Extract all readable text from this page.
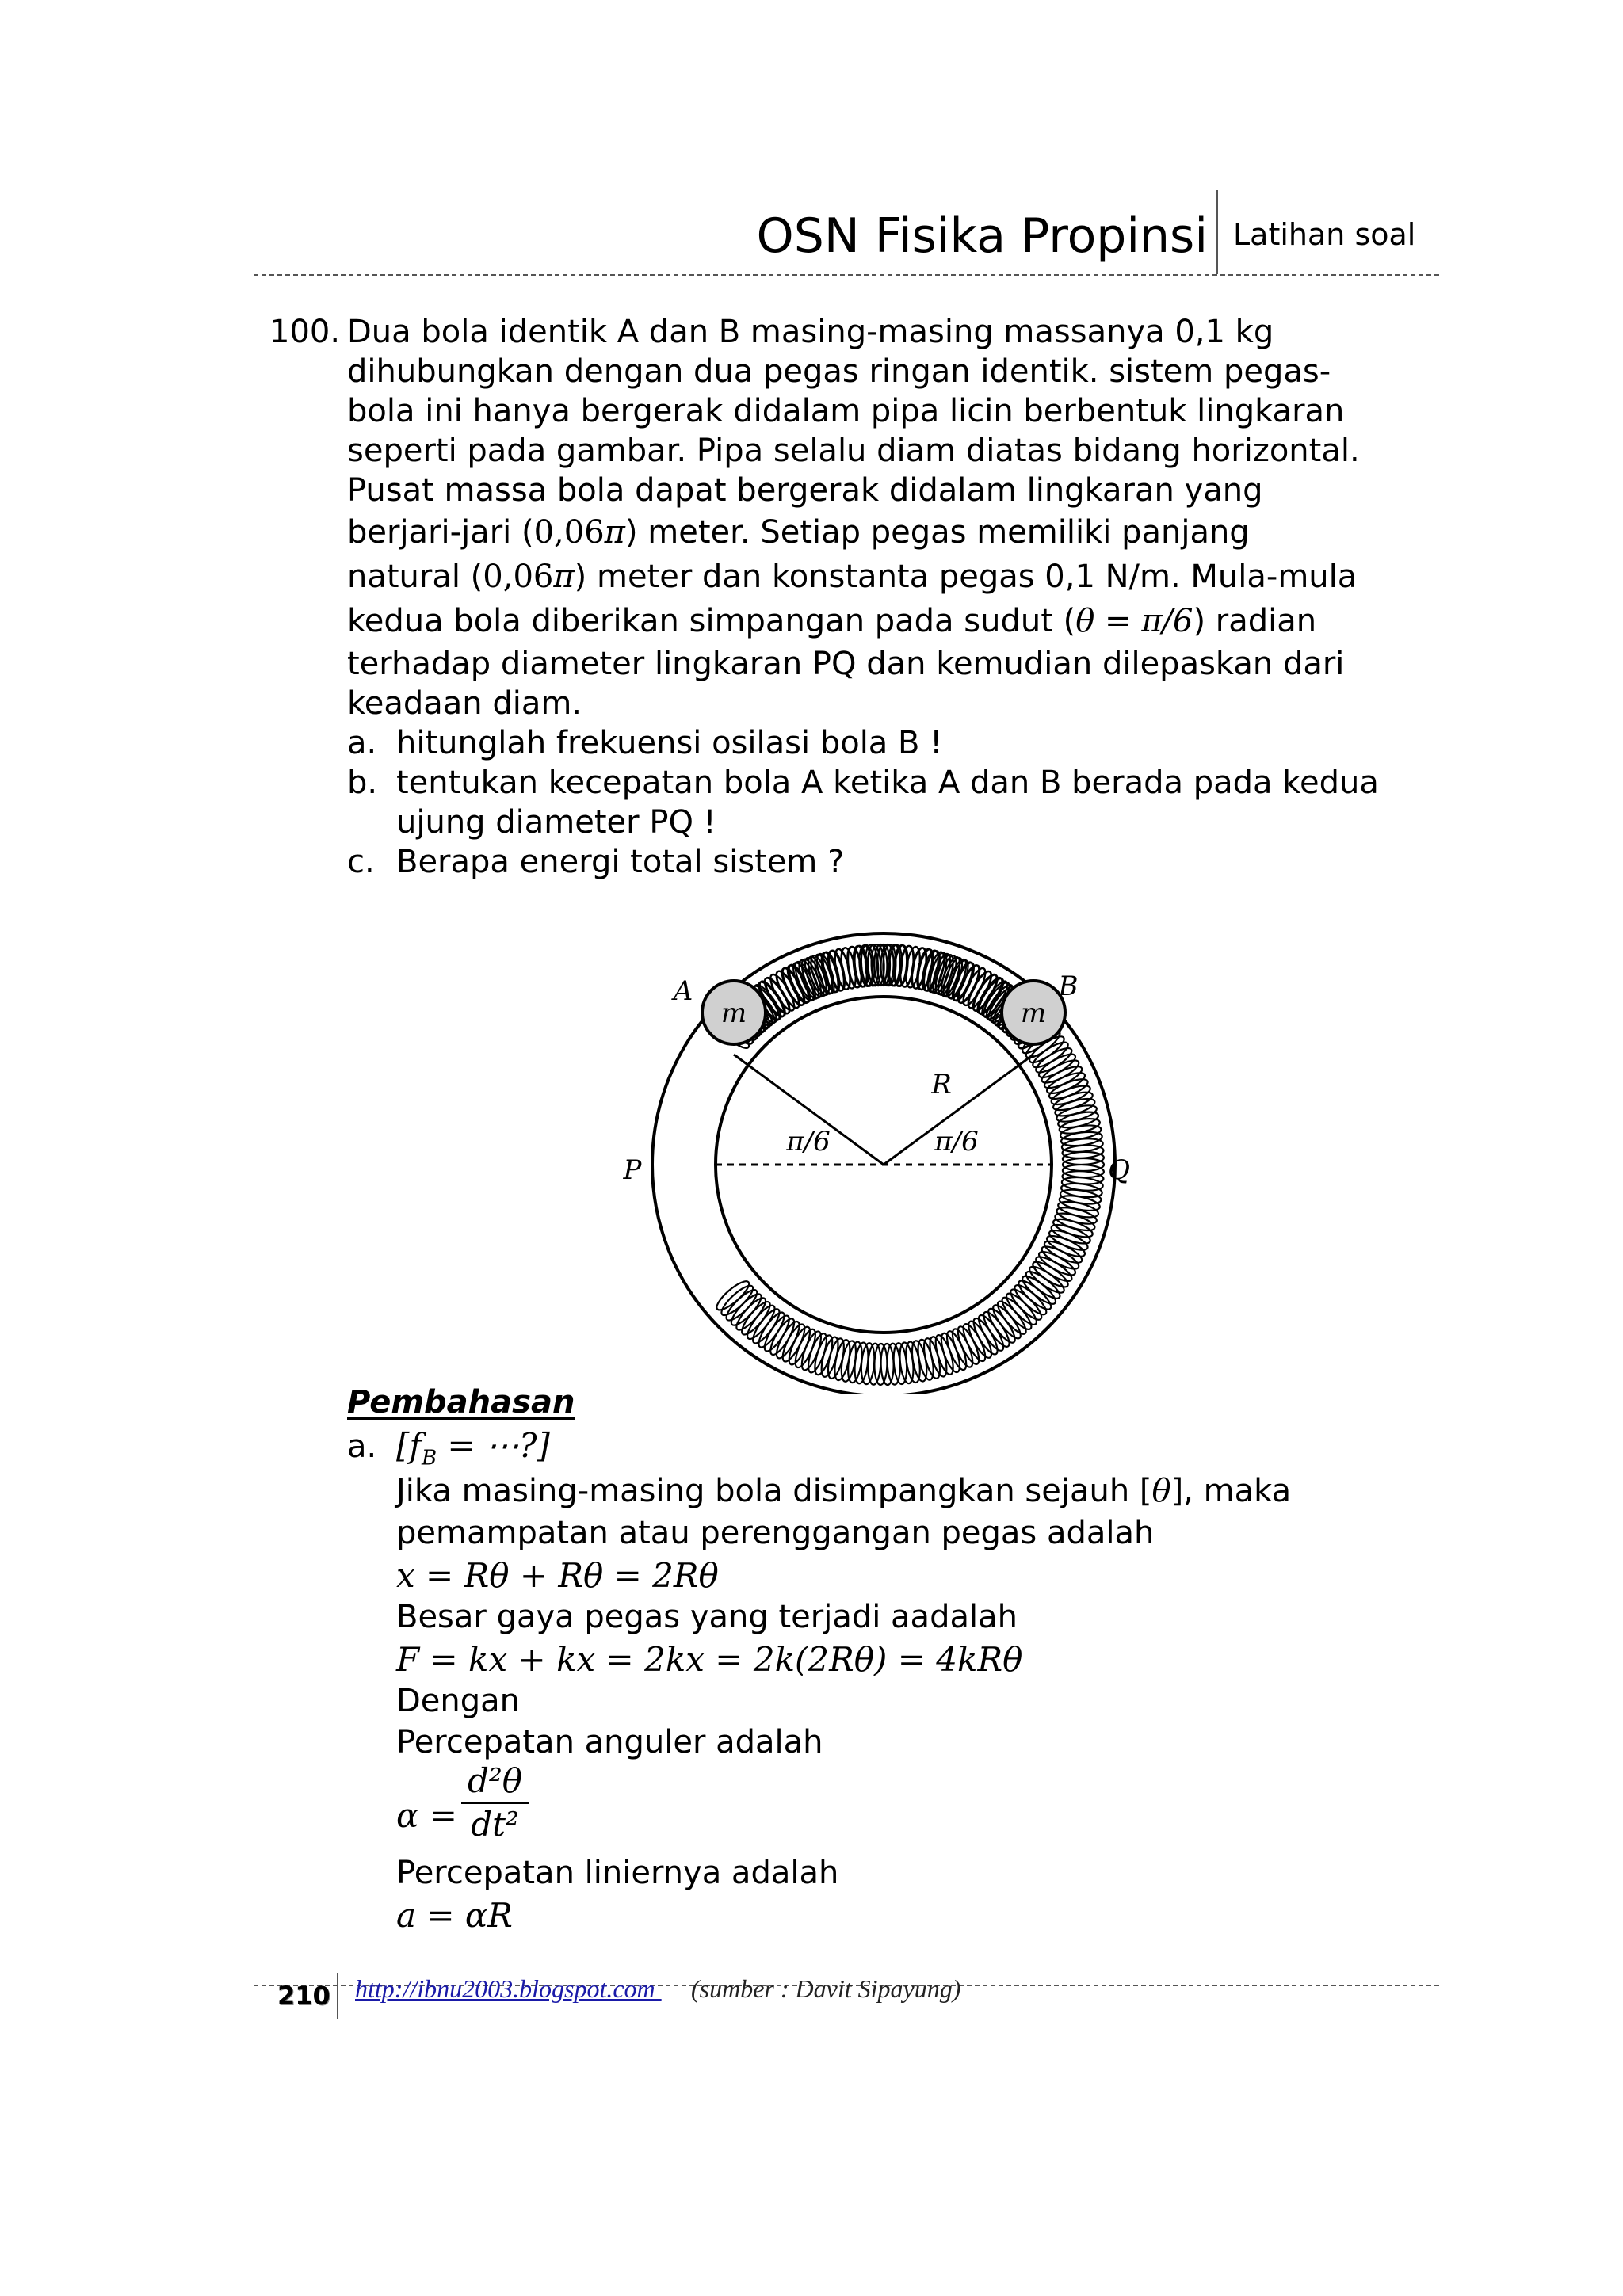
OSN Fisika Propinsi Latihan soal
100. Dua bola identik A dan B masing-masing massanya 0,1 kg
dihubungkan dengan dua pegas ringan identik. sistem pegas-
bola ini hanya bergerak didalam pipa licin berbentuk lingkaran
seperti pada gambar. Pipa selalu diam diatas bidang horizontal.
Pusat massa bola dapat bergerak didalam lingkaran yang
berjari-jari (0,06π) meter. Setiap pegas memiliki panjang
natural (0,06π) meter dan konstanta pegas 0,1 N/m. Mula-mula
kedua bola diberikan simpangan pada sudut (θ = π/6) radian
terhadap diameter lingkaran PQ dan kemudian dilepaskan dari
keadaan diam.
a. hitunglah frekuensi osilasi bola B !
b. tentukan kecepatan bola A ketika A dan B berada pada kedua
ujung diameter PQ !
c. Berapa energi total sistem ?
m	m
A	B
P	Q
R
π/6	π/6
Pembahasan
a. [$f_B$ = ⋯?]
Jika masing-masing bola disimpangkan sejauh [θ], maka
pemampatan atau perenggangan pegas adalah
x = Rθ + Rθ = 2Rθ
Besar gaya pegas yang terjadi aadalah
F = kx + kx = 2kx = 2k(2Rθ) = 4kRθ
Dengan
Percepatan anguler adalah
α =
d²θ
dt²
Percepatan liniernya adalah
a = αR
210 http://ibnu2003.blogspot.com (sumber : Davit Sipayung)
